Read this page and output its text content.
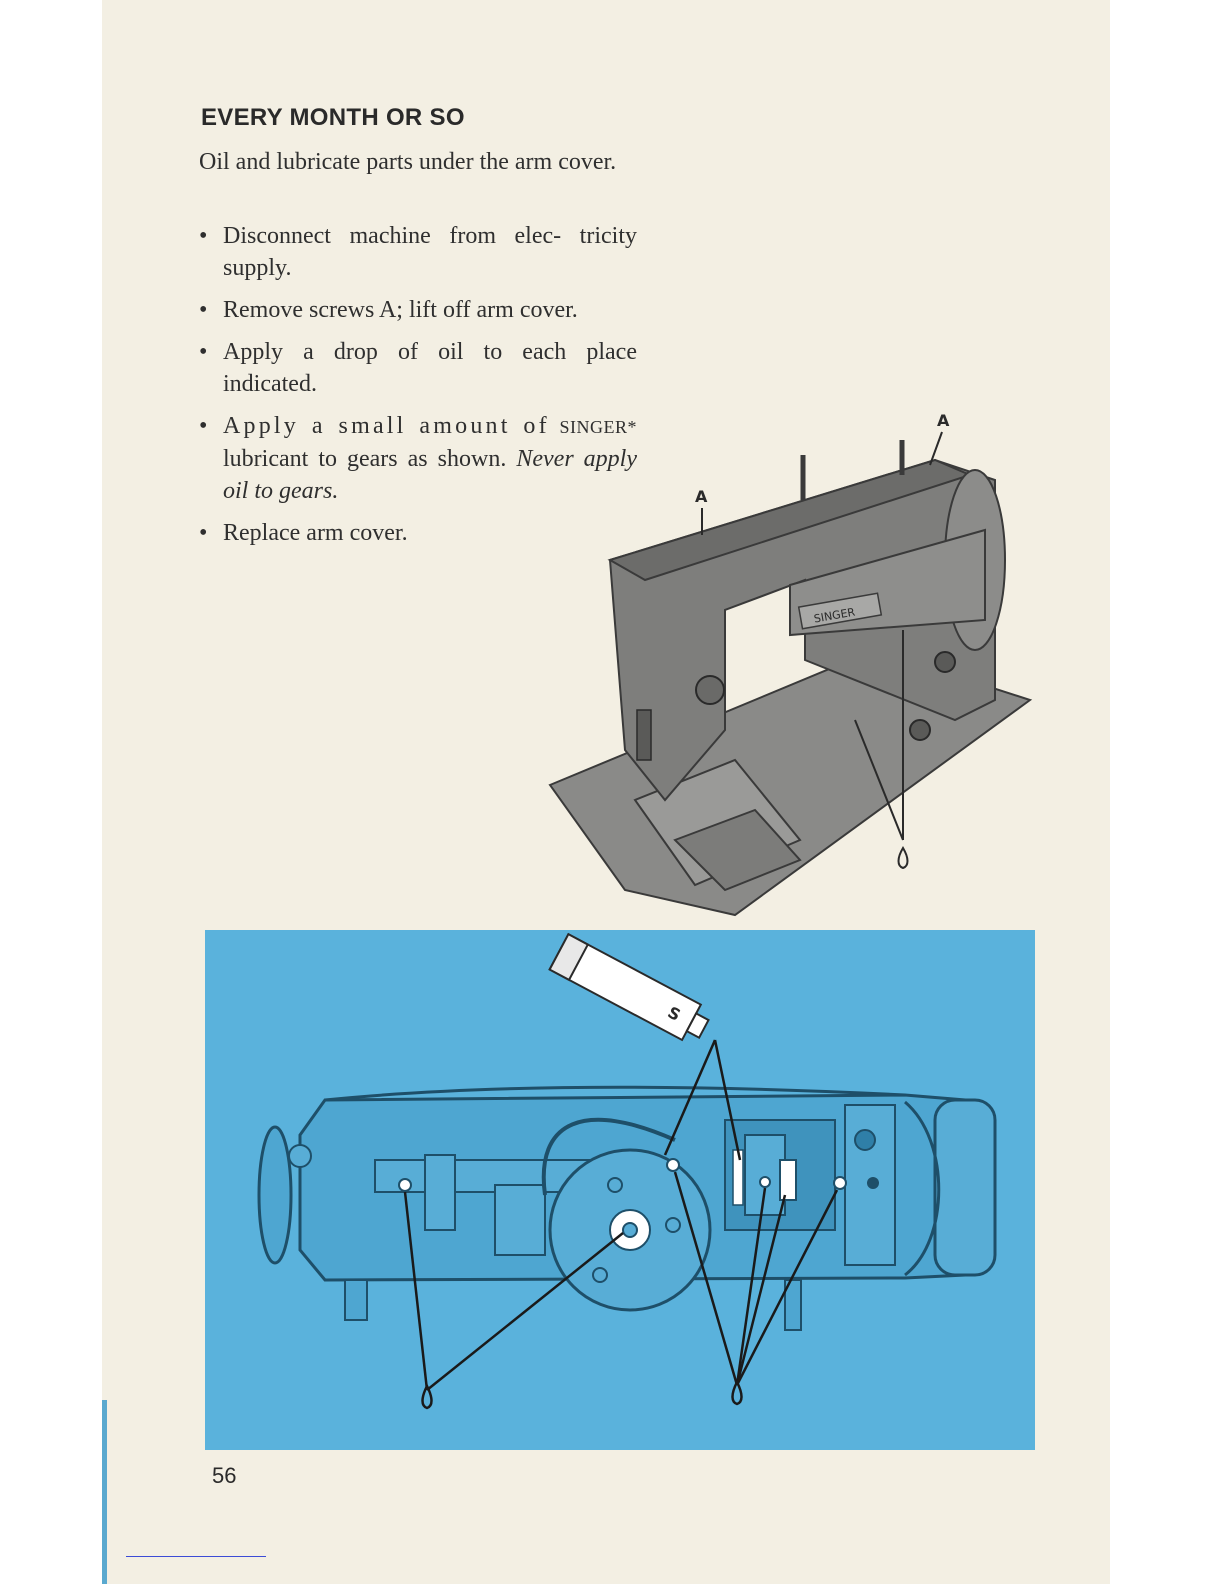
EVERY MONTH OR SO
Oil and lubricate parts under the arm cover.
• Disconnect machine from elec- tricity supply.
• Remove screws A; lift off arm cover.
• Apply a drop of oil to each place indicated.
• Apply a small amount of SINGER* lubricant to gears as shown. Never apply oil to gears.
• Replace arm cover.
SINGER
A
A
S
56
